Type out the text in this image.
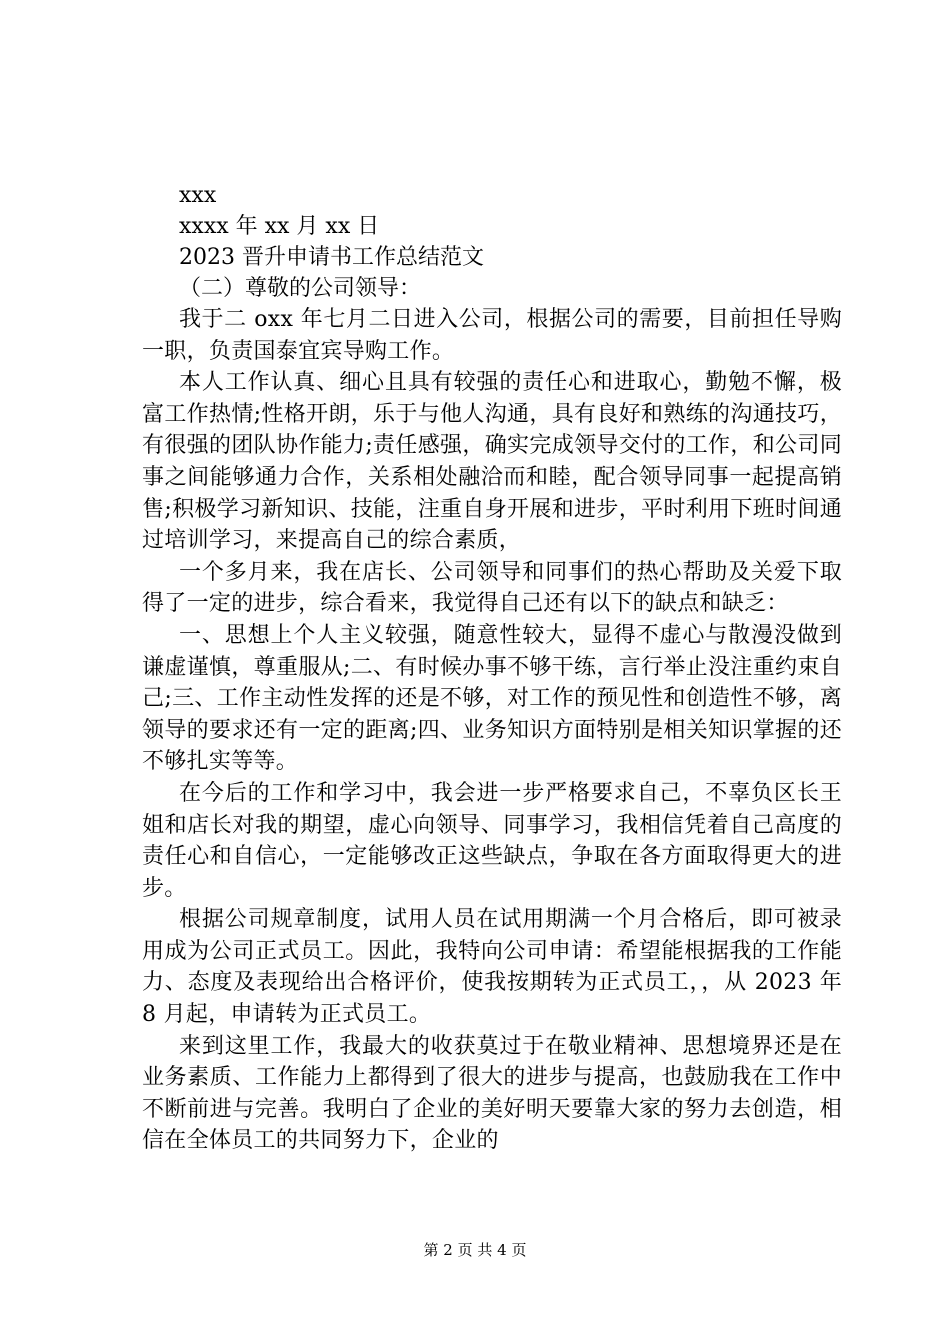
xxx
xxxx 年 xx 月 xx 日
2023 晋升申请书工作总结范文
（二）尊敬的公司领导：

我于二 oxx 年七月二日进入公司，根据公司的需要，目前担任导购一职，负责国泰宜宾导购工作。

本人工作认真、细心且具有较强的责任心和进取心，勤勉不懈，极富工作热情;性格开朗，乐于与他人沟通，具有良好和熟练的沟通技巧，有很强的团队协作能力;责任感强，确实完成领导交付的工作，和公司同事之间能够通力合作，关系相处融洽而和睦，配合领导同事一起提高销售;积极学习新知识、技能，注重自身开展和进步，平时利用下班时间通过培训学习，来提高自己的综合素质，

一个多月来，我在店长、公司领导和同事们的热心帮助及关爱下取得了一定的进步，综合看来，我觉得自己还有以下的缺点和缺乏：

一、思想上个人主义较强，随意性较大，显得不虚心与散漫没做到谦虚谨慎，尊重服从;二、有时候办事不够干练，言行举止没注重约束自己;三、工作主动性发挥的还是不够，对工作的预见性和创造性不够，离领导的要求还有一定的距离;四、业务知识方面特别是相关知识掌握的还不够扎实等等。

在今后的工作和学习中，我会进一步严格要求自己，不辜负区长王姐和店长对我的期望，虚心向领导、同事学习，我相信凭着自己高度的责任心和自信心，一定能够改正这些缺点，争取在各方面取得更大的进步。

根据公司规章制度，试用人员在试用期满一个月合格后，即可被录用成为公司正式员工。因此，我特向公司申请：希望能根据我的工作能力、态度及表现给出合格评价，使我按期转为正式员工，，从 2023 年 8 月起，申请转为正式员工。

来到这里工作，我最大的收获莫过于在敬业精神、思想境界还是在业务素质、工作能力上都得到了很大的进步与提高，也鼓励我在工作中不断前进与完善。我明白了企业的美好明天要靠大家的努力去创造，相信在全体员工的共同努力下，企业的

第 2 页 共 4 页
